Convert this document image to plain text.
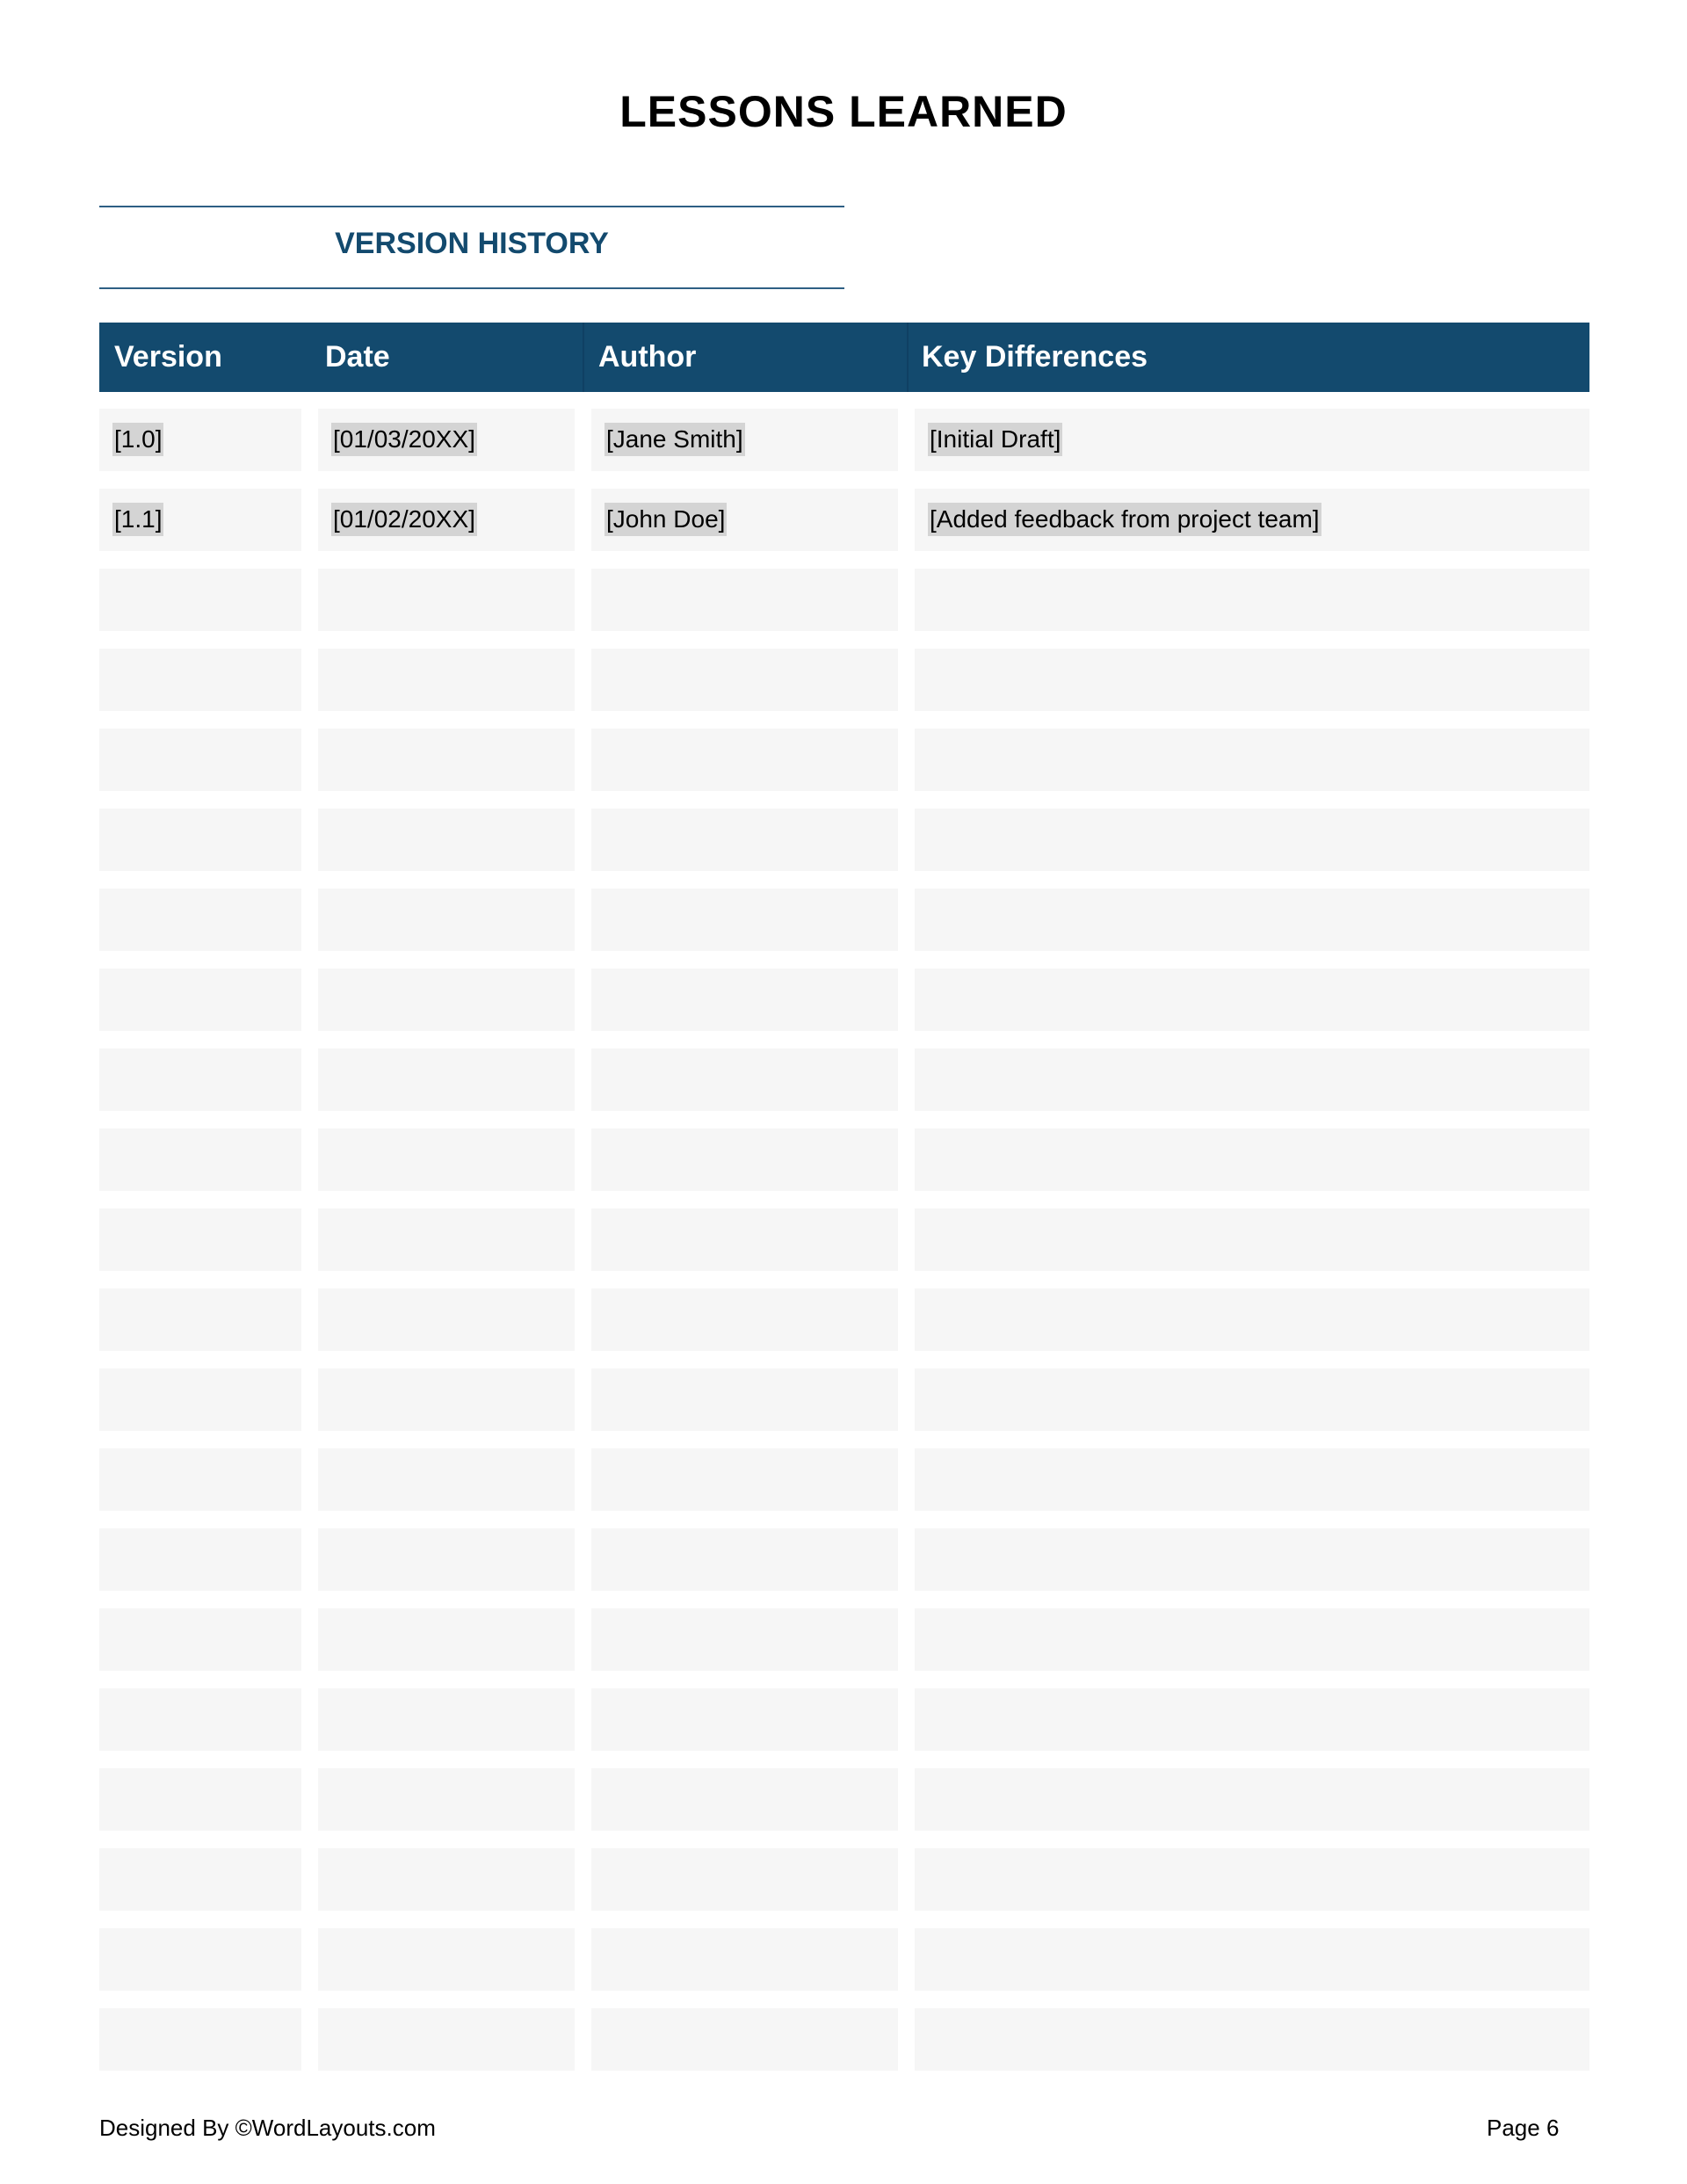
LESSONS LEARNED
VERSION HISTORY
Version	Date	Author	Key Differences
[1.0]	[01/03/20XX]	[Jane Smith]	[Initial Draft]
[1.1]	[01/02/20XX]	[John Doe]	[Added feedback from project team]
Designed By ©WordLayouts.com	Page 6
